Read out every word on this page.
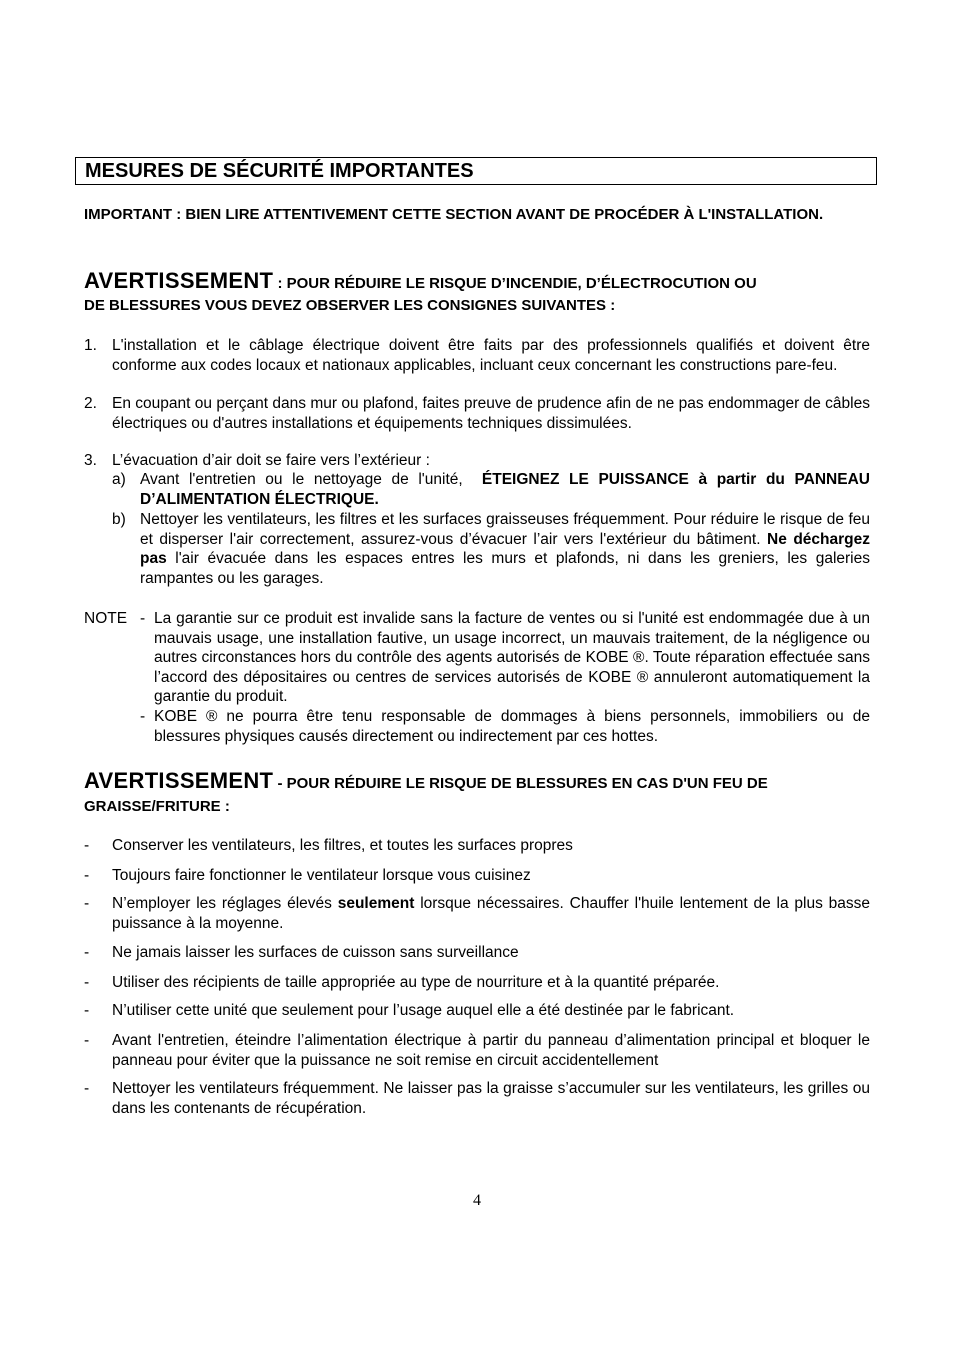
MESURES DE SÉCURITÉ IMPORTANTES
IMPORTANT : BIEN LIRE ATTENTIVEMENT CETTE SECTION AVANT DE PROCÉDER À L'INSTALLATION.
AVERTISSEMENT : POUR RÉDUIRE LE RISQUE D’INCENDIE, D’ÉLECTROCUTION OU
DE BLESSURES VOUS DEVEZ OBSERVER LES CONSIGNES SUIVANTES :
1. L'installation et le câblage électrique doivent être faits par des professionnels qualifiés et doivent être conforme aux codes locaux et nationaux applicables, incluant ceux concernant les constructions pare-feu.
2. En coupant ou perçant dans mur ou plafond, faites preuve de prudence afin de ne pas endommager de câbles électriques ou d'autres installations et équipements techniques dissimulées.
3. L’évacuation d’air doit se faire vers l’extérieur :
a) Avant l'entretien ou le nettoyage de l'unité, ÉTEIGNEZ LE PUISSANCE à partir du PANNEAU D’ALIMENTATION ÉLECTRIQUE.
b) Nettoyer les ventilateurs, les filtres et les surfaces graisseuses fréquemment. Pour réduire le risque de feu et disperser l'air correctement, assurez-vous d’évacuer l’air vers l'extérieur du bâtiment. Ne déchargez pas l'air évacuée dans les espaces entres les murs et plafonds, ni dans les greniers, les galeries rampantes ou les garages.
NOTE - La garantie sur ce produit est invalide sans la facture de ventes ou si l'unité est endommagée due à un mauvais usage, une installation fautive, un usage incorrect, un mauvais traitement, de la négligence ou autres circonstances hors du contrôle des agents autorisés de KOBE ®. Toute réparation effectuée sans l’accord des dépositaires ou centres de services autorisés de KOBE ® annuleront automatiquement la garantie du produit.
- KOBE ® ne pourra être tenu responsable de dommages à biens personnels, immobiliers ou de blessures physiques causés directement ou indirectement par ces hottes.
AVERTISSEMENT - POUR RÉDUIRE LE RISQUE DE BLESSURES EN CAS D'UN FEU DE
GRAISSE/FRITURE :
- Conserver les ventilateurs, les filtres, et toutes les surfaces propres
- Toujours faire fonctionner le ventilateur lorsque vous cuisinez
- N’employer les réglages élevés seulement lorsque nécessaires. Chauffer l'huile lentement de la plus basse puissance à la moyenne.
- Ne jamais laisser les surfaces de cuisson sans surveillance
- Utiliser des récipients de taille appropriée au type de nourriture et à la quantité préparée.
- N’utiliser cette unité que seulement pour l’usage auquel elle a été destinée par le fabricant.
- Avant l'entretien, éteindre l’alimentation électrique à partir du panneau d’alimentation principal et bloquer le panneau pour éviter que la puissance ne soit remise en circuit accidentellement
- Nettoyer les ventilateurs fréquemment. Ne laisser pas la graisse s’accumuler sur les ventilateurs, les grilles ou dans les contenants de récupération.
4
